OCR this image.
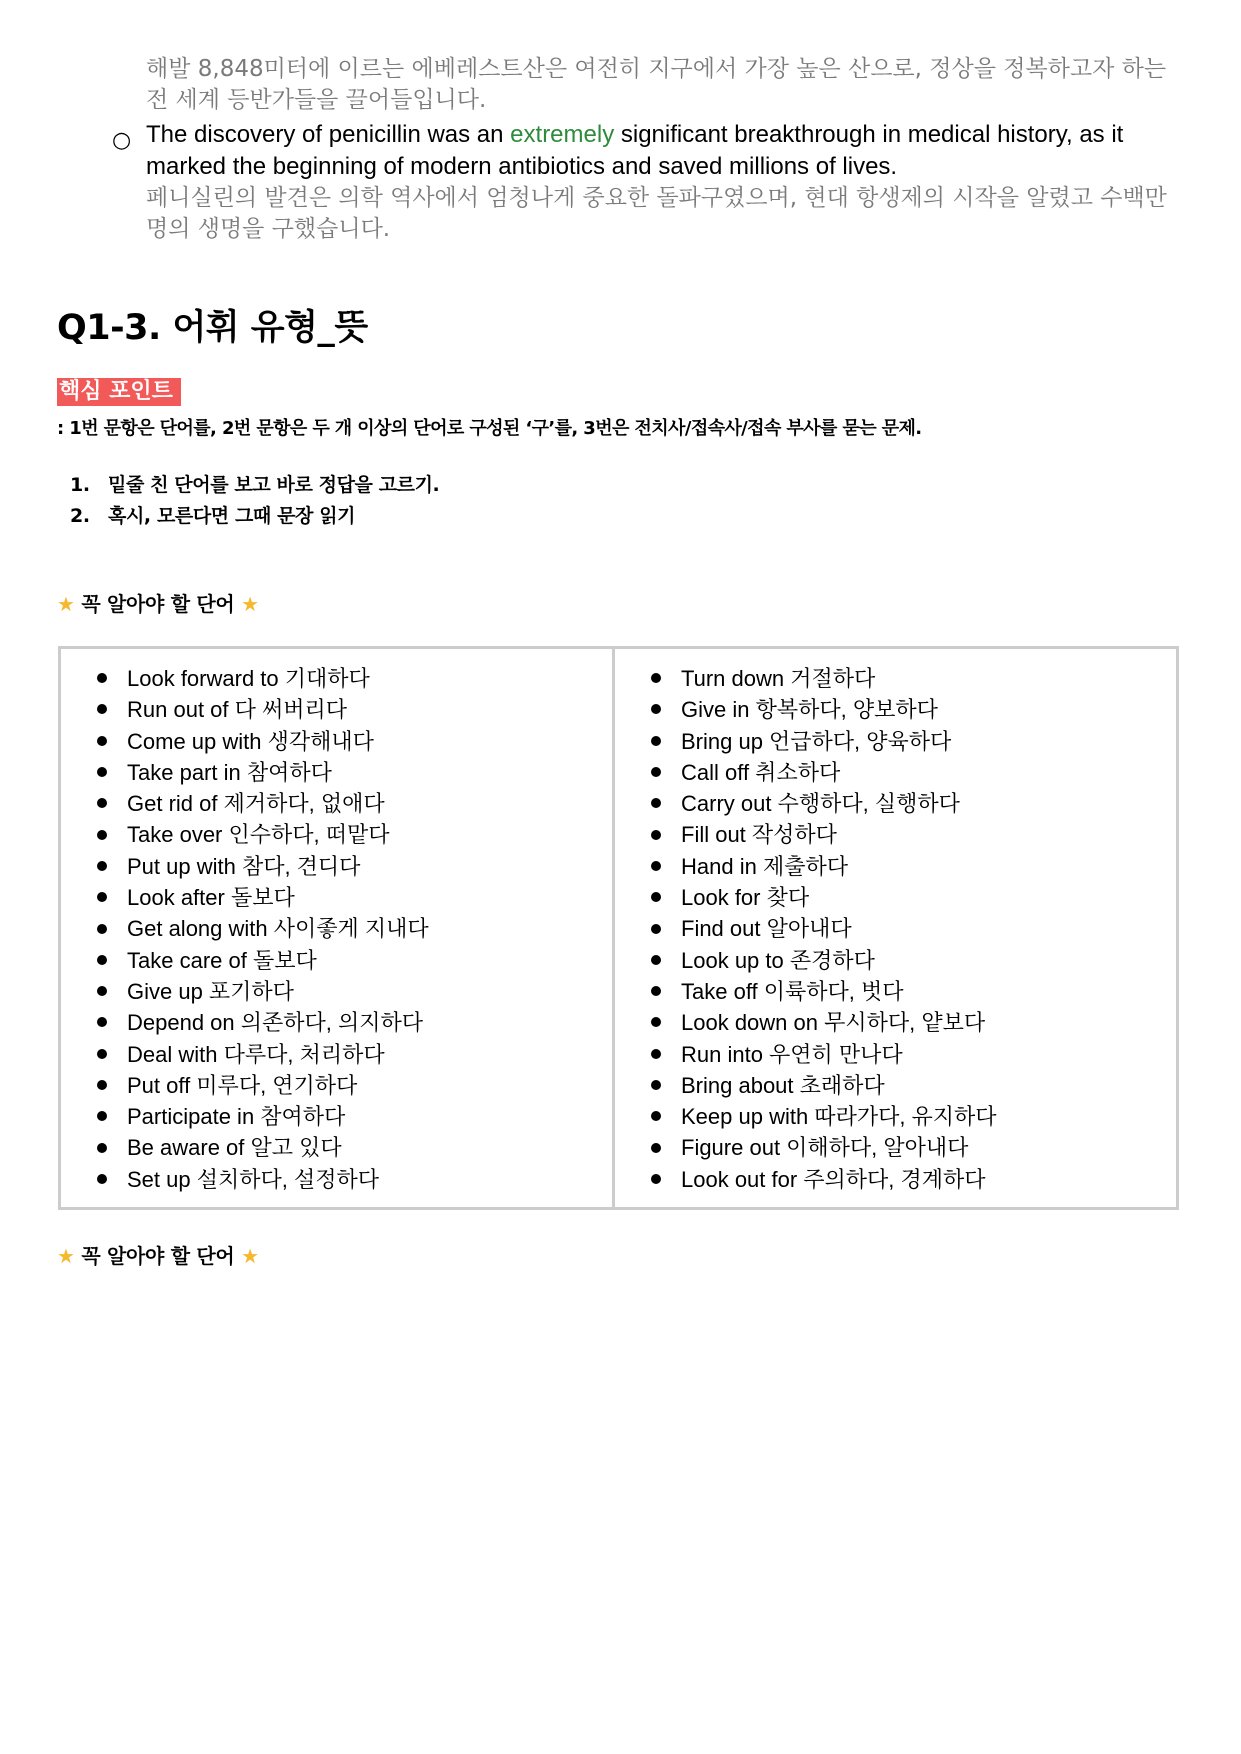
해발 8,848미터에 이르는 에베레스트산은 여전히 지구에서 가장 높은 산으로, 정상을 정복하고자 하는 전 세계 등반가들을 끌어들입니다.

The discovery of penicillin was an extremely significant breakthrough in medical history, as it marked the beginning of modern antibiotics and saved millions of lives.

페니실린의 발견은 의학 역사에서 엄청나게 중요한 돌파구였으며, 현대 항생제의 시작을 알렸고 수백만 명의 생명을 구했습니다.

○
Q1-3. 어휘 유형_뜻
핵심 포인트
: 1번 문항은 단어를, 2번 문항은 두 개 이상의 단어로 구성된 ‘구’를, 3번은 전치사/접속사/접속 부사를 묻는 문제.
1. 밑줄 친 단어를 보고 바로 정답을 고르기.
2. 혹시, 모른다면 그때 문장 읽기
★ 꼭 알아야 할 단어 ★
Look forward to 기대하다
Run out of 다 써버리다
Come up with 생각해내다
Take part in 참여하다
Get rid of 제거하다, 없애다
Take over 인수하다, 떠맡다
Put up with 참다, 견디다
Look after 돌보다
Get along with 사이좋게 지내다
Take care of 돌보다
Give up 포기하다
Depend on 의존하다, 의지하다
Deal with 다루다, 처리하다
Put off 미루다, 연기하다
Participate in 참여하다
Be aware of 알고 있다
Set up 설치하다, 설정하다
Turn down 거절하다
Give in 항복하다, 양보하다
Bring up 언급하다, 양육하다
Call off 취소하다
Carry out 수행하다, 실행하다
Fill out 작성하다
Hand in 제출하다
Look for 찾다
Find out 알아내다
Look up to 존경하다
Take off 이륙하다, 벗다
Look down on 무시하다, 얕보다
Run into 우연히 만나다
Bring about 초래하다
Keep up with 따라가다, 유지하다
Figure out 이해하다, 알아내다
Look out for 주의하다, 경계하다
★ 꼭 알아야 할 단어 ★
